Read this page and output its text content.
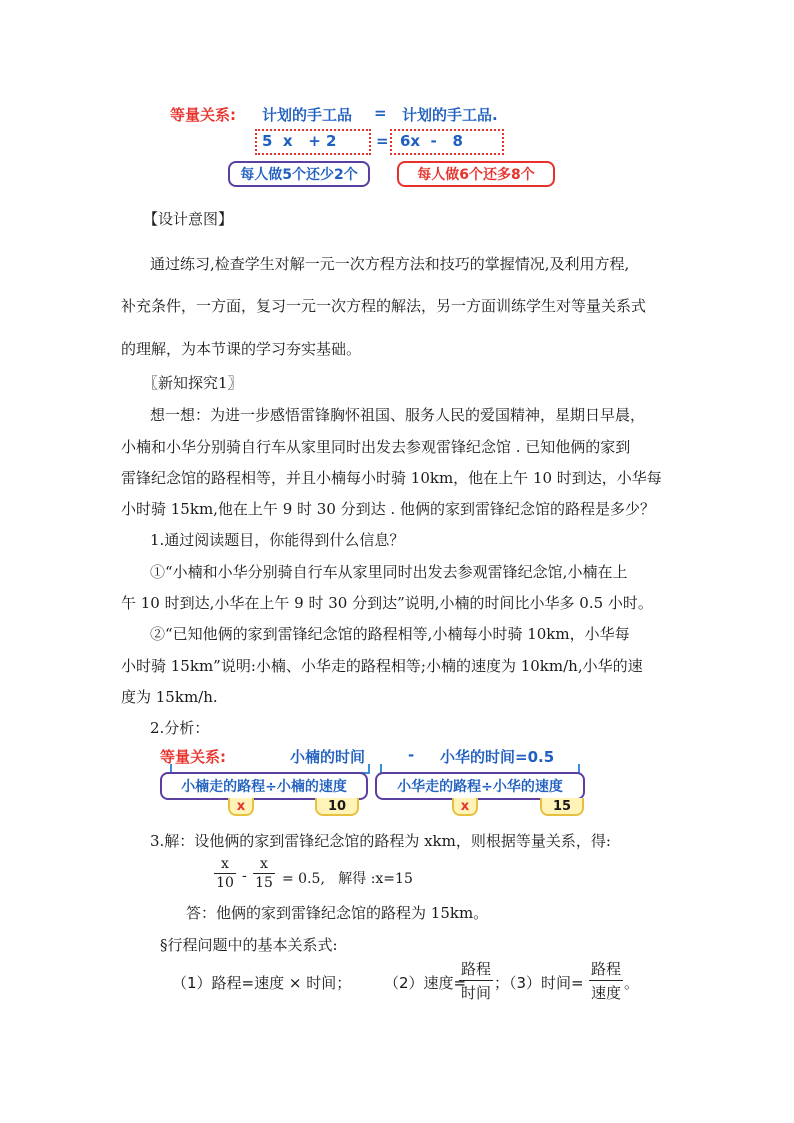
等量关系: 计划的手工品 = 计划的手工品.
5  x   + 2	= 6x  -   8
每人做5个还少2个	每人做6个还多8个
【设计意图】
通过练习,检查学生对解一元一次方程方法和技巧的掌握情况,及利用方程,
补充条件，一方面，复习一元一次方程的解法，另一方面训练学生对等量关系式
的理解，为本节课的学习夯实基础。
〖新知探究1〗
想一想：为进一步感悟雷锋胸怀祖国、服务人民的爱国精神，星期日早晨，
小楠和小华分别骑自行车从家里同时出发去参观雷锋纪念馆 . 已知他俩的家到
雷锋纪念馆的路程相等，并且小楠每小时骑 10km，他在上午 10 时到达，小华每
小时骑 15km,他在上午 9 时 30 分到达 . 他俩的家到雷锋纪念馆的路程是多少？
1.通过阅读题目，你能得到什么信息？
①“小楠和小华分别骑自行车从家里同时出发去参观雷锋纪念馆,小楠在上
午 10 时到达,小华在上午 9 时 30 分到达”说明,小楠的时间比小华多 0.5 小时。
②“已知他俩的家到雷锋纪念馆的路程相等,小楠每小时骑 10km，小华每
小时骑 15km”说明:小楠、小华走的路程相等;小楠的速度为 10km/h,小华的速
度为 15km/h.
2.分析：
等量关系:	小楠的时间	- 小华的时间=0.5
小楠走的路程÷小楠的速度	小华走的路程÷小华的速度
x	10	x	15
3.解：设他俩的家到雷锋纪念馆的路程为 xkm，则根据等量关系，得:
x
10 -
x
15 = 0.5,   解得 :x=15
答：他俩的家到雷锋纪念馆的路程为 15km。
§行程问题中的基本关系式:
（1）路程=速度 × 时间； （2）速度=
路程
时间
；（3）时间=
路程
速度
。
